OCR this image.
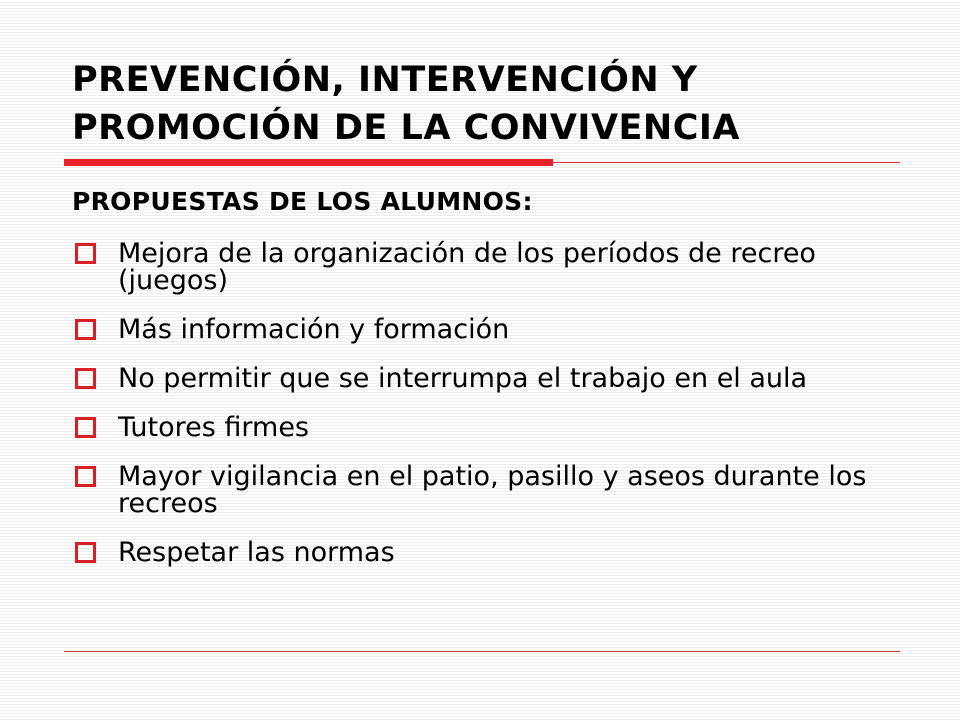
PREVENCIÓN, INTERVENCIÓN Y
PROMOCIÓN DE LA CONVIVENCIA

PROPUESTAS DE LOS ALUMNOS:

Mejora de la organización de los períodos de recreo (juegos)
Más información y formación
No permitir que se interrumpa el trabajo en el aula
Tutores firmes
Mayor vigilancia en el patio, pasillo y aseos durante los recreos
Respetar las normas
